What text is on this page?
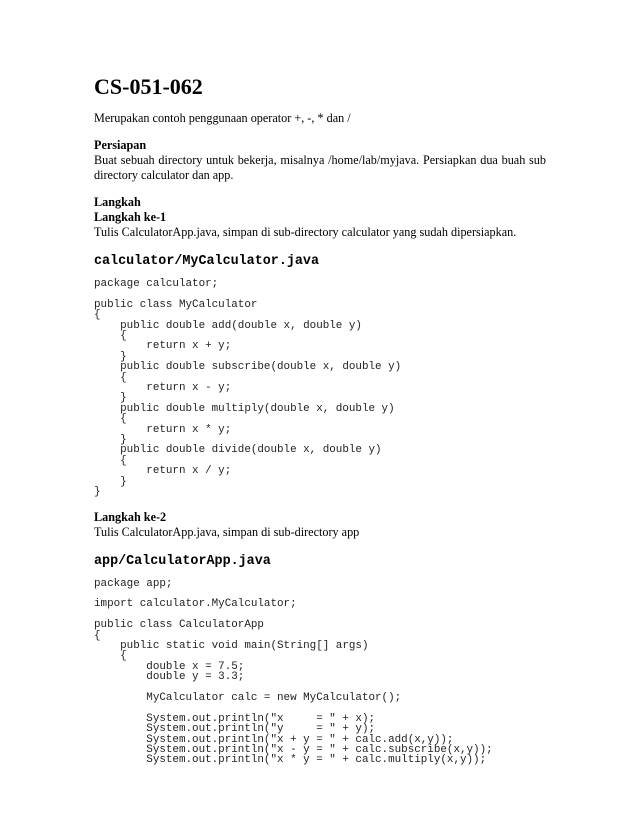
CS-051-062

Merupakan contoh penggunaan operator +, -, * dan /

Persiapan

Buat sebuah directory untuk bekerja, misalnya /home/lab/myjava. Persiapkan dua buah sub directory calculator dan app.

Langkah

Langkah ke-1

Tulis CalculatorApp.java, simpan di sub-directory calculator yang sudah dipersiapkan.

calculator/MyCalculator.java
package calculator;
public class MyCalculator
{
public double add(double x, double y)
{
return x + y;
}
public double subscribe(double x, double y)
{
return x - y;
}
public double multiply(double x, double y)
{
return x * y;
}
public double divide(double x, double y)
{
return x / y;
}
}

Langkah ke-2

Tulis CalculatorApp.java, simpan di sub-directory app

app/CalculatorApp.java
package app;
import calculator.MyCalculator;
public class CalculatorApp
{
public static void main(String[] args)
{
double x = 7.5;
double y = 3.3;
MyCalculator calc = new MyCalculator();
System.out.println("x     = " + x);
System.out.println("y     = " + y);
System.out.println("x + y = " + calc.add(x,y));
System.out.println("x - y = " + calc.subscribe(x,y));
System.out.println("x * y = " + calc.multiply(x,y));
